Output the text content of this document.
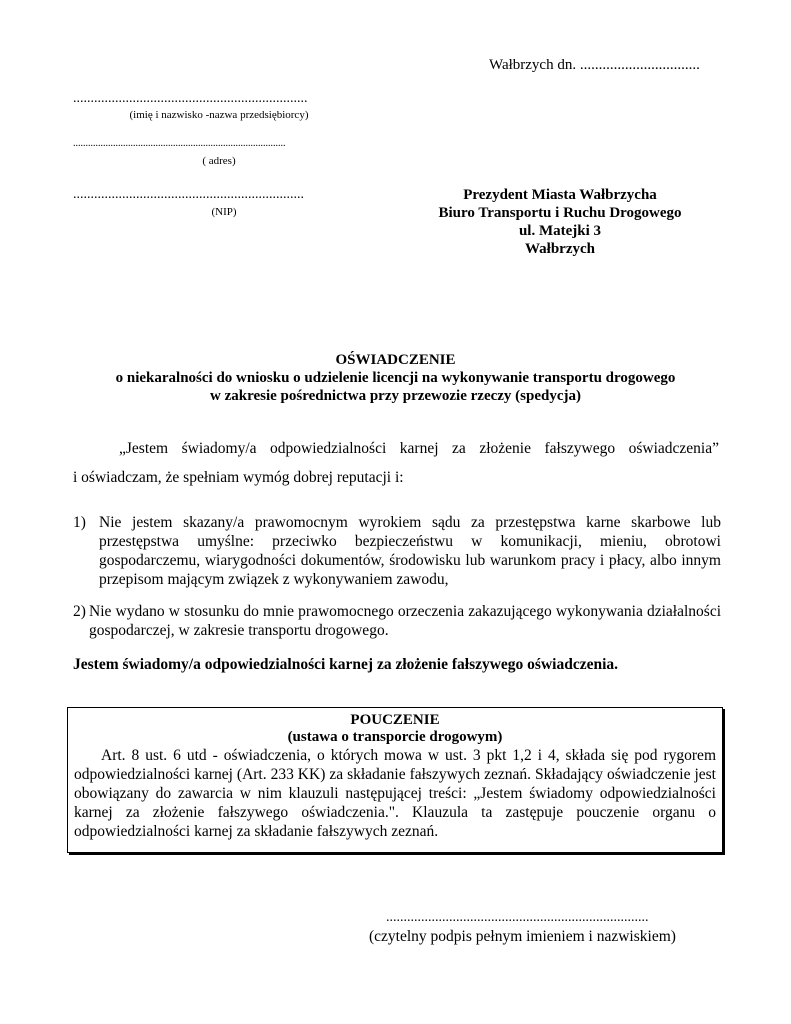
Wałbrzych dn. ................................
...................................................................
(imię i nazwisko -nazwa przedsiębiorcy)
.....................................................................................
( adres)
..................................................................
(NIP)
Prezydent Miasta Wałbrzycha
Biuro Transportu i Ruchu Drogowego
ul. Matejki 3
Wałbrzych
OŚWIADCZENIE
o niekaralności do wniosku o udzielenie licencji na wykonywanie transportu drogowego
w zakresie pośrednictwa przy przewozie rzeczy (spedycja)
„Jestem świadomy/a odpowiedzialności karnej za złożenie fałszywego oświadczenia”
i oświadczam, że spełniam wymóg dobrej reputacji i:
1) Nie jestem skazany/a prawomocnym wyrokiem sądu za przestępstwa karne skarbowe lub przestępstwa umyślne: przeciwko bezpieczeństwu w komunikacji, mieniu, obrotowi gospodarczemu, wiarygodności dokumentów, środowisku lub warunkom pracy i płacy, albo innym przepisom mającym związek z wykonywaniem zawodu,
2) Nie wydano w stosunku do mnie prawomocnego orzeczenia zakazującego wykonywania działalności gospodarczej, w zakresie transportu drogowego.
Jestem świadomy/a odpowiedzialności karnej za złożenie fałszywego oświadczenia.
POUCZENIE
(ustawa o transporcie drogowym)
Art. 8 ust. 6 utd - oświadczenia, o których mowa w ust. 3 pkt 1,2 i 4, składa się pod rygorem odpowiedzialności karnej (Art. 233 KK) za składanie fałszywych zeznań. Składający oświadczenie jest obowiązany do zawarcia w nim klauzuli następującej treści: „Jestem świadomy odpowiedzialności karnej za złożenie fałszywego oświadczenia.". Klauzula ta zastępuje pouczenie organu o odpowiedzialności karnej za składanie fałszywych zeznań.
...........................................................................
(czytelny podpis pełnym imieniem i nazwiskiem)
